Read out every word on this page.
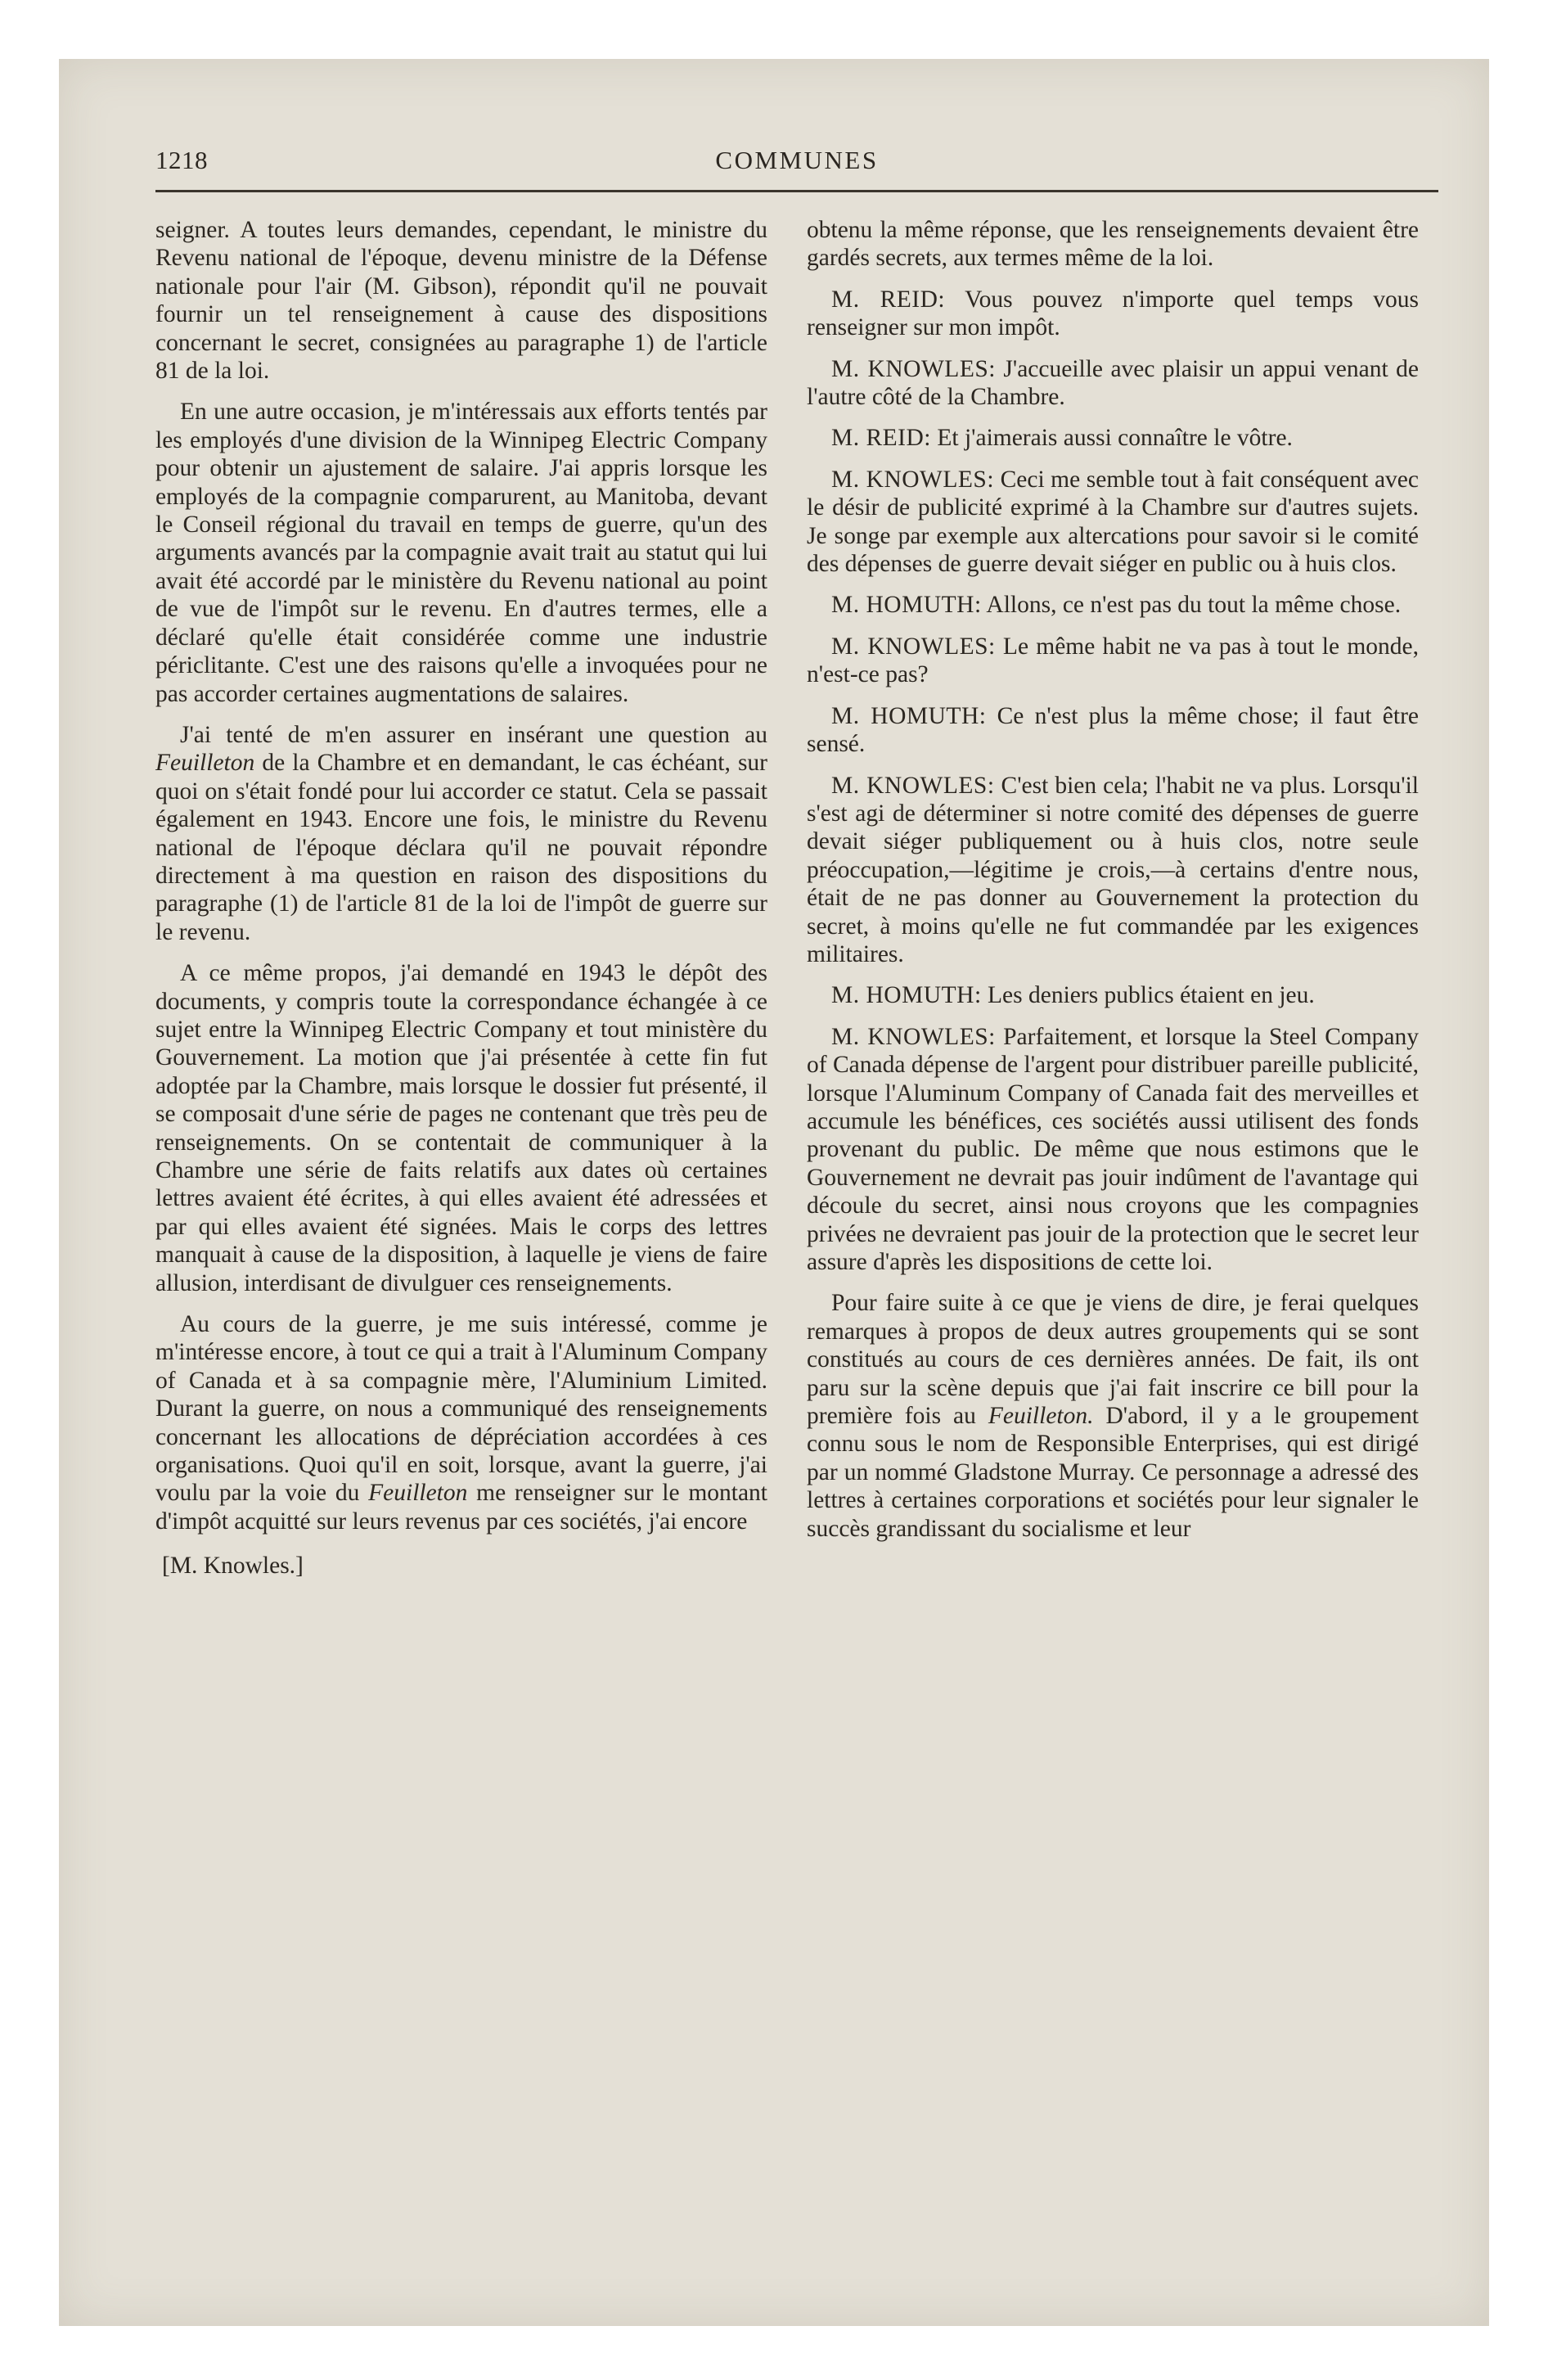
1218	COMMUNES

seigner. A toutes leurs demandes, cependant, le ministre du Revenu national de l'époque, devenu ministre de la Défense nationale pour l'air (M. Gibson), répondit qu'il ne pouvait fournir un tel renseignement à cause des dispositions concernant le secret, consignées au paragraphe 1) de l'article 81 de la loi.

En une autre occasion, je m'intéressais aux efforts tentés par les employés d'une division de la Winnipeg Electric Company pour obtenir un ajustement de salaire. J'ai appris lorsque les employés de la compagnie comparurent, au Manitoba, devant le Conseil régional du travail en temps de guerre, qu'un des arguments avancés par la compagnie avait trait au statut qui lui avait été accordé par le ministère du Revenu national au point de vue de l'impôt sur le revenu. En d'autres termes, elle a déclaré qu'elle était considérée comme une industrie périclitante. C'est une des raisons qu'elle a invoquées pour ne pas accorder certaines augmentations de salaires.

J'ai tenté de m'en assurer en insérant une question au Feuilleton de la Chambre et en demandant, le cas échéant, sur quoi on s'était fondé pour lui accorder ce statut. Cela se passait également en 1943. Encore une fois, le ministre du Revenu national de l'époque déclara qu'il ne pouvait répondre directement à ma question en raison des dispositions du paragraphe (1) de l'article 81 de la loi de l'impôt de guerre sur le revenu.

A ce même propos, j'ai demandé en 1943 le dépôt des documents, y compris toute la correspondance échangée à ce sujet entre la Winnipeg Electric Company et tout ministère du Gouvernement. La motion que j'ai présentée à cette fin fut adoptée par la Chambre, mais lorsque le dossier fut présenté, il se composait d'une série de pages ne contenant que très peu de renseignements. On se contentait de communiquer à la Chambre une série de faits relatifs aux dates où certaines lettres avaient été écrites, à qui elles avaient été adressées et par qui elles avaient été signées. Mais le corps des lettres manquait à cause de la disposition, à laquelle je viens de faire allusion, interdisant de divulguer ces renseignements.

Au cours de la guerre, je me suis intéressé, comme je m'intéresse encore, à tout ce qui a trait à l'Aluminum Company of Canada et à sa compagnie mère, l'Aluminium Limited. Durant la guerre, on nous a communiqué des renseignements concernant les allocations de dépréciation accordées à ces organisations. Quoi qu'il en soit, lorsque, avant la guerre, j'ai voulu par la voie du Feuilleton me renseigner sur le montant d'impôt acquitté sur leurs revenus par ces sociétés, j'ai encore

[M. Knowles.]

obtenu la même réponse, que les renseignements devaient être gardés secrets, aux termes même de la loi.

M. REID: Vous pouvez n'importe quel temps vous renseigner sur mon impôt.

M. KNOWLES: J'accueille avec plaisir un appui venant de l'autre côté de la Chambre.

M. REID: Et j'aimerais aussi connaître le vôtre.

M. KNOWLES: Ceci me semble tout à fait conséquent avec le désir de publicité exprimé à la Chambre sur d'autres sujets. Je songe par exemple aux altercations pour savoir si le comité des dépenses de guerre devait siéger en public ou à huis clos.

M. HOMUTH: Allons, ce n'est pas du tout la même chose.

M. KNOWLES: Le même habit ne va pas à tout le monde, n'est-ce pas?

M. HOMUTH: Ce n'est plus la même chose; il faut être sensé.

M. KNOWLES: C'est bien cela; l'habit ne va plus. Lorsqu'il s'est agi de déterminer si notre comité des dépenses de guerre devait siéger publiquement ou à huis clos, notre seule préoccupation,—légitime je crois,—à certains d'entre nous, était de ne pas donner au Gouvernement la protection du secret, à moins qu'elle ne fut commandée par les exigences militaires.

M. HOMUTH: Les deniers publics étaient en jeu.

M. KNOWLES: Parfaitement, et lorsque la Steel Company of Canada dépense de l'argent pour distribuer pareille publicité, lorsque l'Aluminum Company of Canada fait des merveilles et accumule les bénéfices, ces sociétés aussi utilisent des fonds provenant du public. De même que nous estimons que le Gouvernement ne devrait pas jouir indûment de l'avantage qui découle du secret, ainsi nous croyons que les compagnies privées ne devraient pas jouir de la protection que le secret leur assure d'après les dispositions de cette loi.

Pour faire suite à ce que je viens de dire, je ferai quelques remarques à propos de deux autres groupements qui se sont constitués au cours de ces dernières années. De fait, ils ont paru sur la scène depuis que j'ai fait inscrire ce bill pour la première fois au Feuilleton. D'abord, il y a le groupement connu sous le nom de Responsible Enterprises, qui est dirigé par un nommé Gladstone Murray. Ce personnage a adressé des lettres à certaines corporations et sociétés pour leur signaler le succès grandissant du socialisme et leur
